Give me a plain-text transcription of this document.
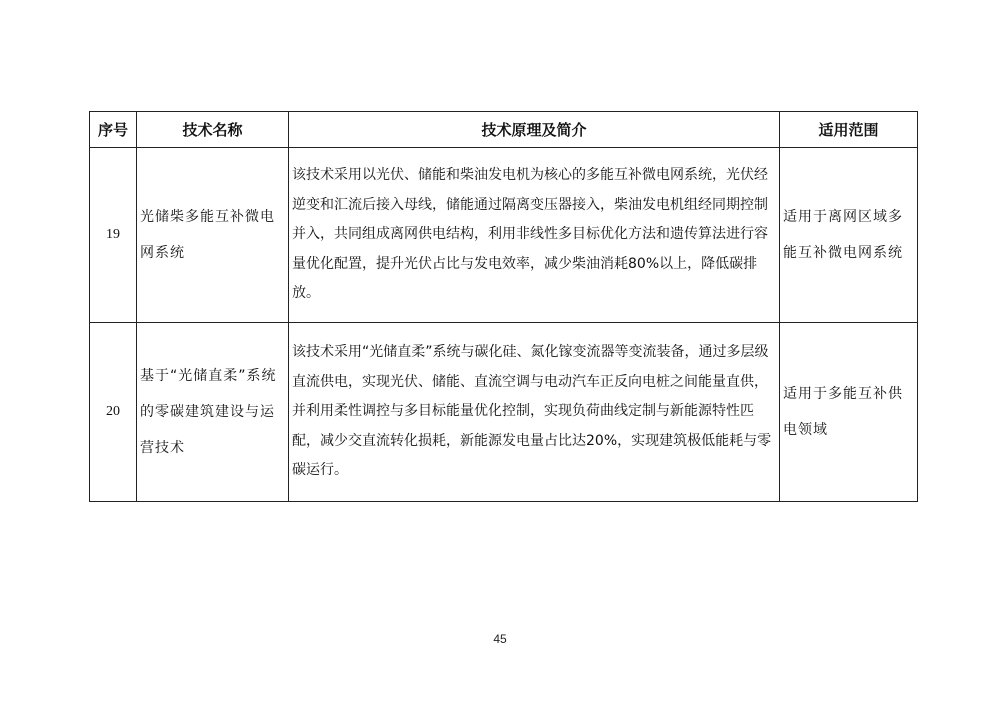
序号	技术名称	技术原理及简介	适用范围
19	光储柴多能互补微电网系统	该技术采用以光伏、储能和柴油发电机为核心的多能互补微电网系统，光伏经逆变和汇流后接入母线，储能通过隔离变压器接入，柴油发电机组经同期控制并入，共同组成离网供电结构，利用非线性多目标优化方法和遗传算法进行容量优化配置，提升光伏占比与发电效率，减少柴油消耗80%以上，降低碳排放。	适用于离网区域多能互补微电网系统
20	基于“光储直柔”系统的零碳建筑建设与运营技术	该技术采用“光储直柔”系统与碳化硅、氮化镓变流器等变流装备，通过多层级直流供电，实现光伏、储能、直流空调与电动汽车正反向电桩之间能量直供，并利用柔性调控与多目标能量优化控制，实现负荷曲线定制与新能源特性匹配，减少交直流转化损耗，新能源发电量占比达20%，实现建筑极低能耗与零碳运行。	适用于多能互补供电领域
45
